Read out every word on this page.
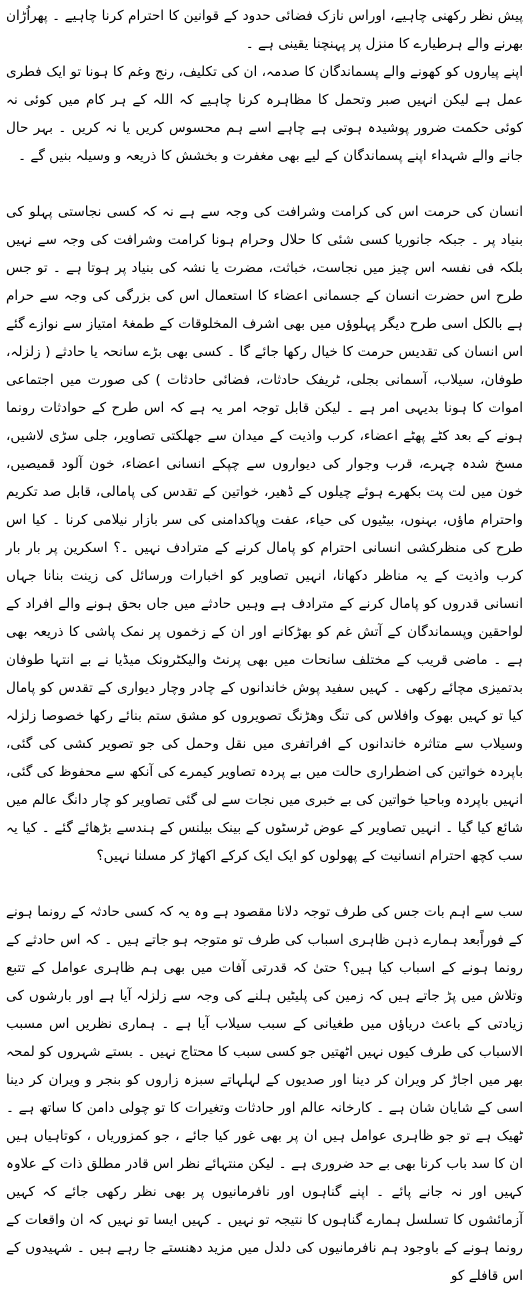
پیش نظر رکھنی چاہیے، اوراس نازک فضائی حدود کے قوانین کا احترام کرنا چاہیے ۔ پھراُڑان بھرنے والے ہرطیارے کا منزل پر پہنچنا یقینی ہے ۔

اپنے پیاروں کو کھونے والے پسماندگان کا صدمہ، ان کی تکلیف، رنج وغم کا ہونا تو ایک فطری عمل ہے لیکن انہیں صبر وتحمل کا مظاہرہ کرنا چاہیے کہ اللہ کے ہر کام میں کوئی نہ کوئی حکمت ضرور پوشیدہ ہوتی ہے چاہے اسے ہم محسوس کریں یا نہ کریں ۔ بہر حال جانے والے شہداء اپنے پسماندگان کے لیے بھی مغفرت و بخشش کا ذریعہ و وسیلہ بنیں گے ۔

انسان کی حرمت اس کی کرامت وشرافت کی وجہ سے ہے نہ کہ کسی نجاستی پہلو کی بنیاد پر ۔ جبکہ جانوریا کسی شئی کا حلال وحرام ہونا کرامت وشرافت کی وجہ سے نہیں بلکہ فی نفسہ اس چیز میں نجاست، خباثت، مضرت یا نشہ کی بنیاد پر ہوتا ہے ۔ تو جس طرح اس حضرت انسان کے جسمانی اعضاء کا استعمال اس کی بزرگی کی وجہ سے حرام ہے بالکل اسی طرح دیگر پہلوؤں میں بھی اشرف المخلوقات کے طمغۂ امتیاز سے نوازے گئے اس انسان کی تقدیس حرمت کا خیال رکھا جائے گا ۔ کسی بھی بڑے سانحہ یا حادثے ( زلزلہ، طوفان، سیلاب، آسمانی بجلی، ٹریفک حادثات، فضائی حادثات ) کی صورت میں اجتماعی اموات کا ہونا بدیہی امر ہے ۔ لیکن قابل توجہ امر یہ ہے کہ اس طرح کے حوادثات رونما ہونے کے بعد کٹے پھٹے اعضاء، کرب واذیت کے میدان سے جھلکتی تصاویر، جلی سڑی لاشیں، مسخ شدہ چہرے، قرب وجوار کی دیواروں سے چپکے انسانی اعضاء، خون آلود قمیصیں، خون میں لت پت بکھرے ہوئے چیلوں کے ڈھیر، خواتین کے تقدس کی پامالی، قابل صد تکریم واحترام ماؤں، بہنوں، بیٹیوں کی حیاء، عفت وپاکدامنی کی سر بازار نیلامی کرنا ۔ کیا اس طرح کی منظرکشی انسانی احترام کو پامال کرنے کے مترادف نہیں ۔؟ اسکرین پر بار بار کرب واذیت کے یہ مناظر دکھانا، انہیں تصاویر کو اخبارات ورسائل کی زینت بنانا جہاں انسانی قدروں کو پامال کرنے کے مترادف ہے وہیں حادثے میں جاں بحق ہونے والے افراد کے لواحقین وپسماندگان کے آتش غم کو بھڑکانے اور ان کے زخموں پر نمک پاشی کا ذریعہ بھی ہے ۔ ماضی قریب کے مختلف سانحات میں بھی پرنٹ والیکٹرونک میڈیا نے بے انتہا طوفان بدتمیزی مچائے رکھی ۔ کہیں سفید پوش خاندانوں کے چادر وچار دیواری کے تقدس کو پامال کیا تو کہیں بھوک وافلاس کی تنگ وھڑنگ تصویروں کو مشق ستم بنائے رکھا خصوصا زلزلہ وسیلاب سے متاثرہ خاندانوں کے افراتفری میں نقل وحمل کی جو تصویر کشی کی گئی، باپردہ خواتین کی اضطراری حالت میں بے پردہ تصاویر کیمرے کی آنکھ سے محفوظ کی گئی، انہیں باپردہ وباحیا خواتین کی بے خبری میں نجات سے لی گئی تصاویر کو چار دانگ عالم میں شائع کیا گیا ۔ انہیں تصاویر کے عوض ٹرسٹوں کے بینک بیلنس کے ہندسے بڑھائے گئے ۔ کیا یہ سب کچھ احترام انسانیت کے پھولوں کو ایک ایک کرکے اکھاڑ کر مسلنا نہیں؟

سب سے اہم بات جس کی طرف توجہ دلانا مقصود ہے وہ یہ کہ کسی حادثہ کے رونما ہونے کے فوراًبعد ہمارے ذہن ظاہری اسباب کی طرف تو متوجہ ہو جاتے ہیں ۔ کہ اس حادثے کے رونما ہونے کے اسباب کیا ہیں؟ حتیٰ کہ قدرتی آفات میں بھی ہم ظاہری عوامل کے تتبع وتلاش میں پڑ جاتے ہیں کہ زمین کی پلیٹیں ہلنے کی وجہ سے زلزلہ آیا ہے اور بارشوں کی زیادتی کے باعث دریاؤں میں طغیانی کے سبب سیلاب آیا ہے ۔ ہماری نظریں اس مسبب الاسباب کی طرف کیوں نہیں اٹھتیں جو کسی سبب کا محتاج نہیں ۔ بستے شہروں کو لمحہ بھر میں اجاڑ کر ویران کر دینا اور صدیوں کے لہلہاتے سبزہ زاروں کو بنجر و ویران کر دینا اسی کے شایان شان ہے ۔ کارخانہ عالم اور حادثات وتغیرات کا تو چولی دامن کا ساتھ ہے ۔ ٹھیک ہے تو جو ظاہری عوامل ہیں ان پر بھی غور کیا جائے ، جو کمزوریاں ، کوتاہیاں ہیں ان کا سد باب کرنا بھی بے حد ضروری ہے ۔ لیکن منتہائے نظر اس قادر مطلق ذات کے علاوہ کہیں اور نہ جانے پائے ۔ اپنے گناہوں اور نافرمانیوں پر بھی نظر رکھی جائے کہ کہیں آزمائشوں کا تسلسل ہمارے گناہوں کا نتیجہ تو نہیں ۔ کہیں ایسا تو نہیں کہ ان واقعات کے رونما ہونے کے باوجود ہم نافرمانیوں کی دلدل میں مزید دھنستے جا رہے ہیں ۔ شہیدوں کے اس قافلے کو
